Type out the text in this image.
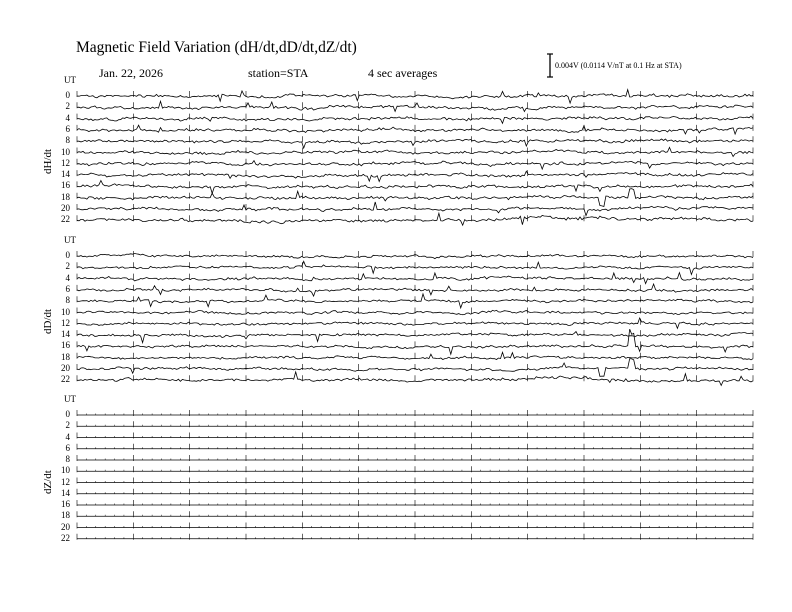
Magnetic Field Variation (dH/dt,dD/dt,dZ/dt)
Jan. 22, 2026	station=STA	4 sec averages
0.004V (0.0114 V/nT at 0.1 Hz at STA)
UT
UT
UT
dH/dt
dD/dt
dZ/dt
0
2
4
6
8
10
12
14
16
18
20
22
0
2
4
6
8
10
12
14
16
18
20
22
0
2
4
6
8
10
12
14
16
18
20
22
